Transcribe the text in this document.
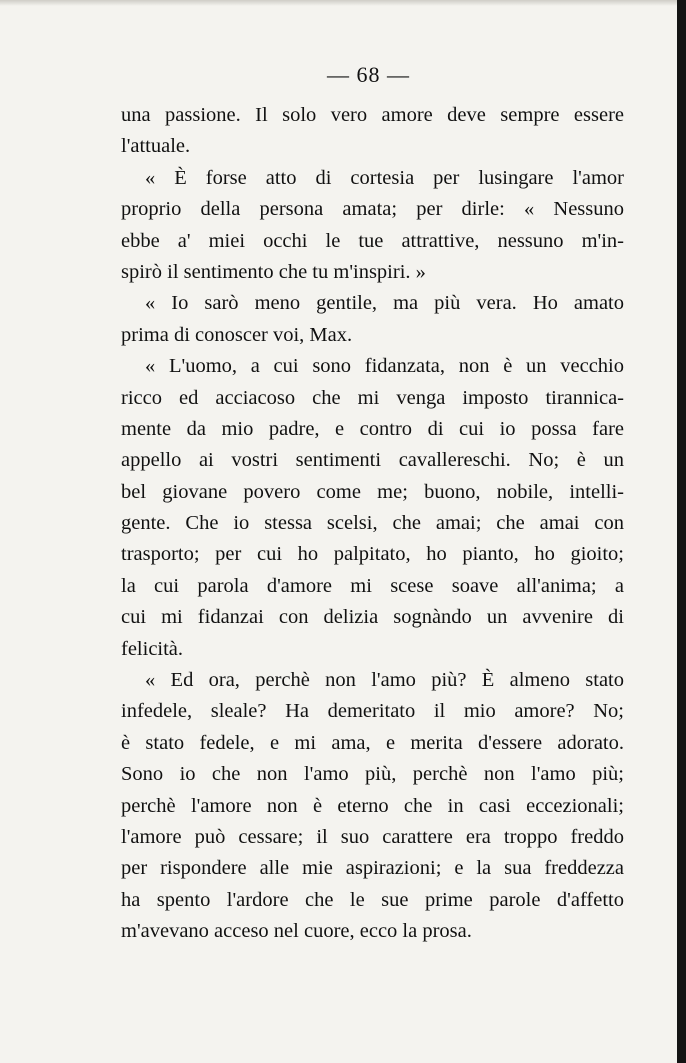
— 68 —
una passione. Il solo vero amore deve sempre essere
l'attuale.
« È forse atto di cortesia per lusingare l'amor
proprio della persona amata; per dirle: « Nessuno
ebbe a' miei occhi le tue attrattive, nessuno m'in-
spirò il sentimento che tu m'inspiri. »
« Io sarò meno gentile, ma più vera. Ho amato
prima di conoscer voi, Max.
« L'uomo, a cui sono fidanzata, non è un vecchio
ricco ed acciacoso che mi venga imposto tirannica-
mente da mio padre, e contro di cui io possa fare
appello ai vostri sentimenti cavallereschi. No; è un
bel giovane povero come me; buono, nobile, intelli-
gente. Che io stessa scelsi, che amai; che amai con
trasporto; per cui ho palpitato, ho pianto, ho gioito;
la cui parola d'amore mi scese soave all'anima; a
cui mi fidanzai con delizia sognàndo un avvenire di
felicità.
« Ed ora, perchè non l'amo più? È almeno stato
infedele, sleale? Ha demeritato il mio amore? No;
è stato fedele, e mi ama, e merita d'essere adorato.
Sono io che non l'amo più, perchè non l'amo più;
perchè l'amore non è eterno che in casi eccezionali;
l'amore può cessare; il suo carattere era troppo freddo
per rispondere alle mie aspirazioni; e la sua freddezza
ha spento l'ardore che le sue prime parole d'affetto
m'avevano acceso nel cuore, ecco la prosa.
